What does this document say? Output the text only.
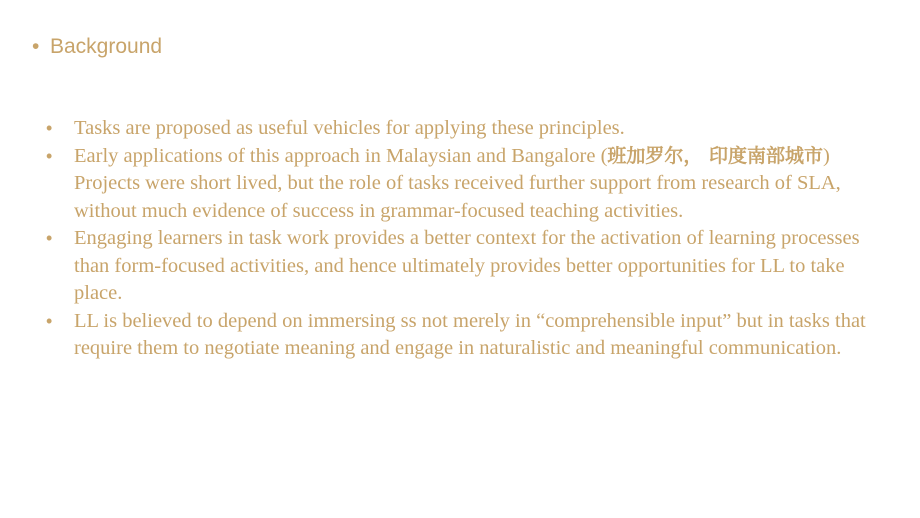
• Background
• Tasks are proposed as useful vehicles for applying these principles.
• Early applications of this approach in Malaysian and Bangalore (班加罗尔， 印度南部城市) Projects were short lived, but the role of tasks received further support from research of SLA, without much evidence of success in grammar-focused teaching activities.
• Engaging learners in task work provides a better context for the activation of learning processes than form-focused activities, and hence ultimately provides better opportunities for LL to take place.
• LL is believed to depend on immersing ss not merely in “comprehensible input” but in tasks that require them to negotiate meaning and engage in naturalistic and meaningful communication.
